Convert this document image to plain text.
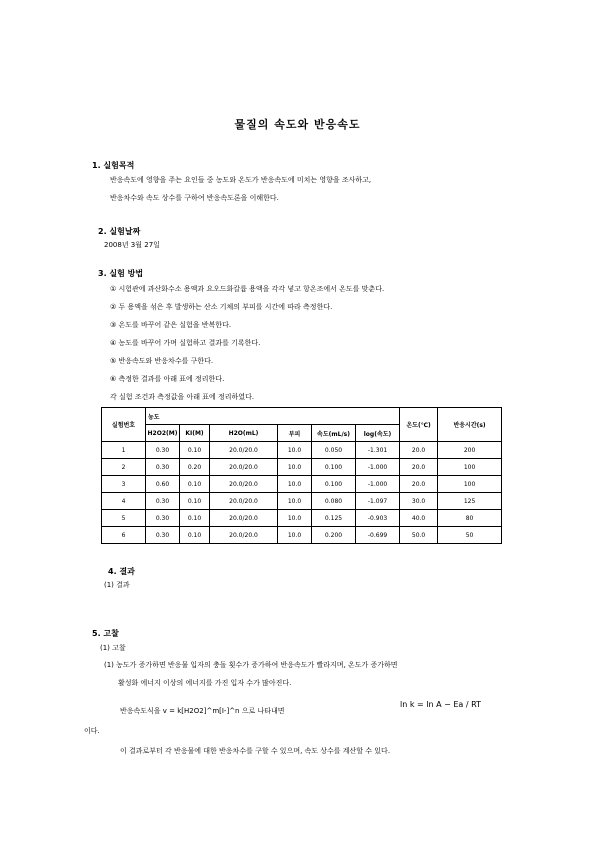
물질의 속도와 반응속도
1. 실험목적
반응속도에 영향을 주는 요인들 중 농도와 온도가 반응속도에 미치는 영향을 조사하고,
반응차수와 속도 상수를 구하여 반응속도론을 이해한다.
2. 실험날짜
2008년 3월 27일
3. 실험 방법
① 시험관에 과산화수소 용액과 요오드화칼륨 용액을 각각 넣고 항온조에서 온도를 맞춘다.
② 두 용액을 섞은 후 발생하는 산소 기체의 부피를 시간에 따라 측정한다.
③ 온도를 바꾸어 같은 실험을 반복한다.
④ 농도를 바꾸어 가며 실험하고 결과를 기록한다.
⑤ 반응속도와 반응차수를 구한다.
⑥ 측정한 결과를 아래 표에 정리한다.
각 실험 조건과 측정값을 아래 표에 정리하였다.
실험번호	농도						온도(℃)	반응시간(s)
	H2O2(M)	KI(M)	H2O(mL)	부피	속도(mL/s)	log(속도)		
1	0.30	0.10	20.0/20.0	10.0	0.050	-1.301	20.0	200
2	0.30	0.20	20.0/20.0	10.0	0.100	-1.000	20.0	100
3	0.60	0.10	20.0/20.0	10.0	0.100	-1.000	20.0	100
4	0.30	0.10	20.0/20.0	10.0	0.080	-1.097	30.0	125
5	0.30	0.10	20.0/20.0	10.0	0.125	-0.903	40.0	80
6	0.30	0.10	20.0/20.0	10.0	0.200	-0.699	50.0	50
4. 결과
(1) 결과
5. 고찰
(1) 고찰
(1) 농도가 증가하면 반응물 입자의 충돌 횟수가 증가하여 반응속도가 빨라지며, 온도가 증가하면
활성화 에너지 이상의 에너지를 가진 입자 수가 많아진다.
반응속도식을 v = k[H2O2]^m[I-]^n 으로 나타내면
ln k = ln A − Ea / RT
이다.
이 결과로부터 각 반응물에 대한 반응차수를 구할 수 있으며, 속도 상수를 계산할 수 있다.
